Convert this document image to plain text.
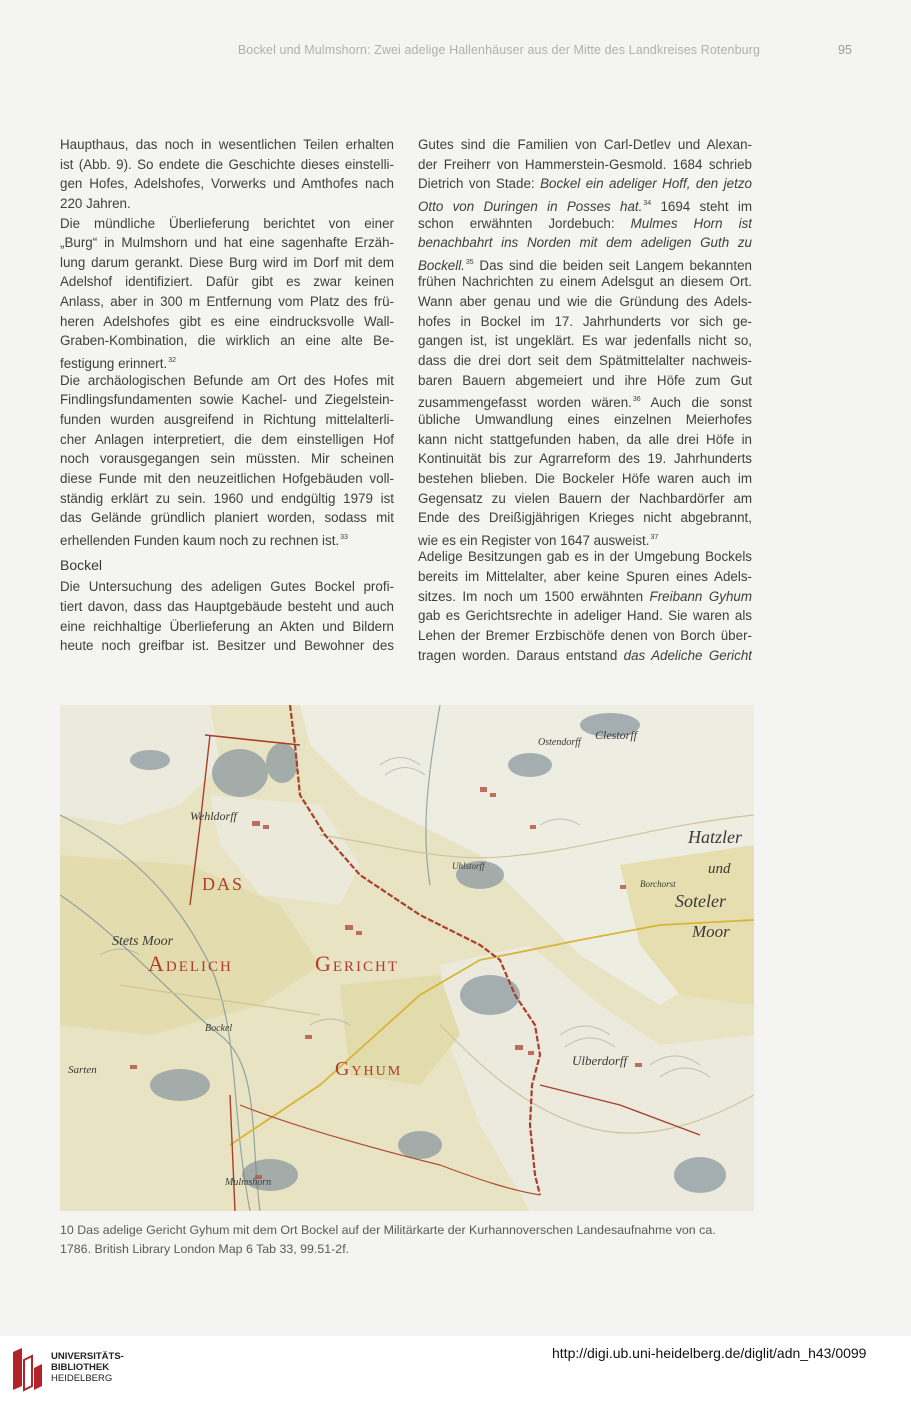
Bockel und Mulmshorn: Zwei adelige Hallenhäuser aus der Mitte des Landkreises Rotenburg	95
Haupthaus, das noch in wesentlichen Teilen erhalten
ist (Abb. 9). So endete die Geschichte dieses einstelli-
gen Hofes, Adelshofes, Vorwerks und Amthofes nach
220 Jahren.
Die mündliche Überlieferung berichtet von einer
„Burg“ in Mulmshorn und hat eine sagenhafte Erzäh-
lung darum gerankt. Diese Burg wird im Dorf mit dem
Adelshof identifiziert. Dafür gibt es zwar keinen
Anlass, aber in 300 m Entfernung vom Platz des frü-
heren Adelshofes gibt es eine eindrucksvolle Wall-
Graben-Kombination, die wirklich an eine alte Be-
festigung erinnert.$^{32}$
Die archäologischen Befunde am Ort des Hofes mit
Findlingsfundamenten sowie Kachel- und Ziegelstein-
funden wurden ausgreifend in Richtung mittelalterli-
cher Anlagen interpretiert, die dem einstelligen Hof
noch vorausgegangen sein müssten. Mir scheinen
diese Funde mit den neuzeitlichen Hofgebäuden voll-
ständig erklärt zu sein. 1960 und endgültig 1979 ist
das Gelände gründlich planiert worden, sodass mit
erhellenden Funden kaum noch zu rechnen ist.$^{33}$
Bockel
Die Untersuchung des adeligen Gutes Bockel profi-
tiert davon, dass das Hauptgebäude besteht und auch
eine reichhaltige Überlieferung an Akten und Bildern
heute noch greifbar ist. Besitzer und Bewohner des
Gutes sind die Familien von Carl-Detlev und Alexan-
der Freiherr von Hammerstein-Gesmold. 1684 schrieb
Dietrich von Stade: Bockel ein adeliger Hoff, den jetzo
Otto von Duringen in Posses hat.$^{34}$ 1694 steht im
schon erwähnten Jordebuch: Mulmes Horn ist
benachbahrt ins Norden mit dem adeligen Guth zu
Bockell.$^{35}$ Das sind die beiden seit Langem bekannten
frühen Nachrichten zu einem Adelsgut an diesem Ort.
Wann aber genau und wie die Gründung des Adels-
hofes in Bockel im 17. Jahrhunderts vor sich ge-
gangen ist, ist ungeklärt. Es war jedenfalls nicht so,
dass die drei dort seit dem Spätmittelalter nachweis-
baren Bauern abgemeiert und ihre Höfe zum Gut
zusammengefasst worden wären.$^{36}$ Auch die sonst
übliche Umwandlung eines einzelnen Meierhofes
kann nicht stattgefunden haben, da alle drei Höfe in
Kontinuität bis zur Agrarreform des 19. Jahrhunderts
bestehen blieben. Die Bockeler Höfe waren auch im
Gegensatz zu vielen Bauern der Nachbardörfer am
Ende des Dreißigjährigen Krieges nicht abgebrannt,
wie es ein Register von 1647 ausweist.$^{37}$
Adelige Besitzungen gab es in der Umgebung Bockels
bereits im Mittelalter, aber keine Spuren eines Adels-
sitzes. Im noch um 1500 erwähnten Freibann Gyhum
gab es Gerichtsrechte in adeliger Hand. Sie waren als
Lehen der Bremer Erzbischöfe denen von Borch über-
tragen worden. Daraus entstand das Adeliche Gericht
DAS
Adelich	Gericht
Gyhum
Hatzler
und
Soteler
Moor
Stets Moor
Wehldorff
Bockel
Sarten
Ostendorff
Clestorff
Uhlstorff
Ulberdorff
Borchorst
Mulmshorn
10 Das adelige Gericht Gyhum mit dem Ort Bockel auf der Militärkarte der Kurhannoverschen Landesaufnahme von ca.
1786. British Library London Map 6 Tab 33, 99.51-2f.
UNIVERSITÄTS-
BIBLIOTHEK
HEIDELBERG
http://digi.ub.uni-heidelberg.de/diglit/adn_h43/0099
